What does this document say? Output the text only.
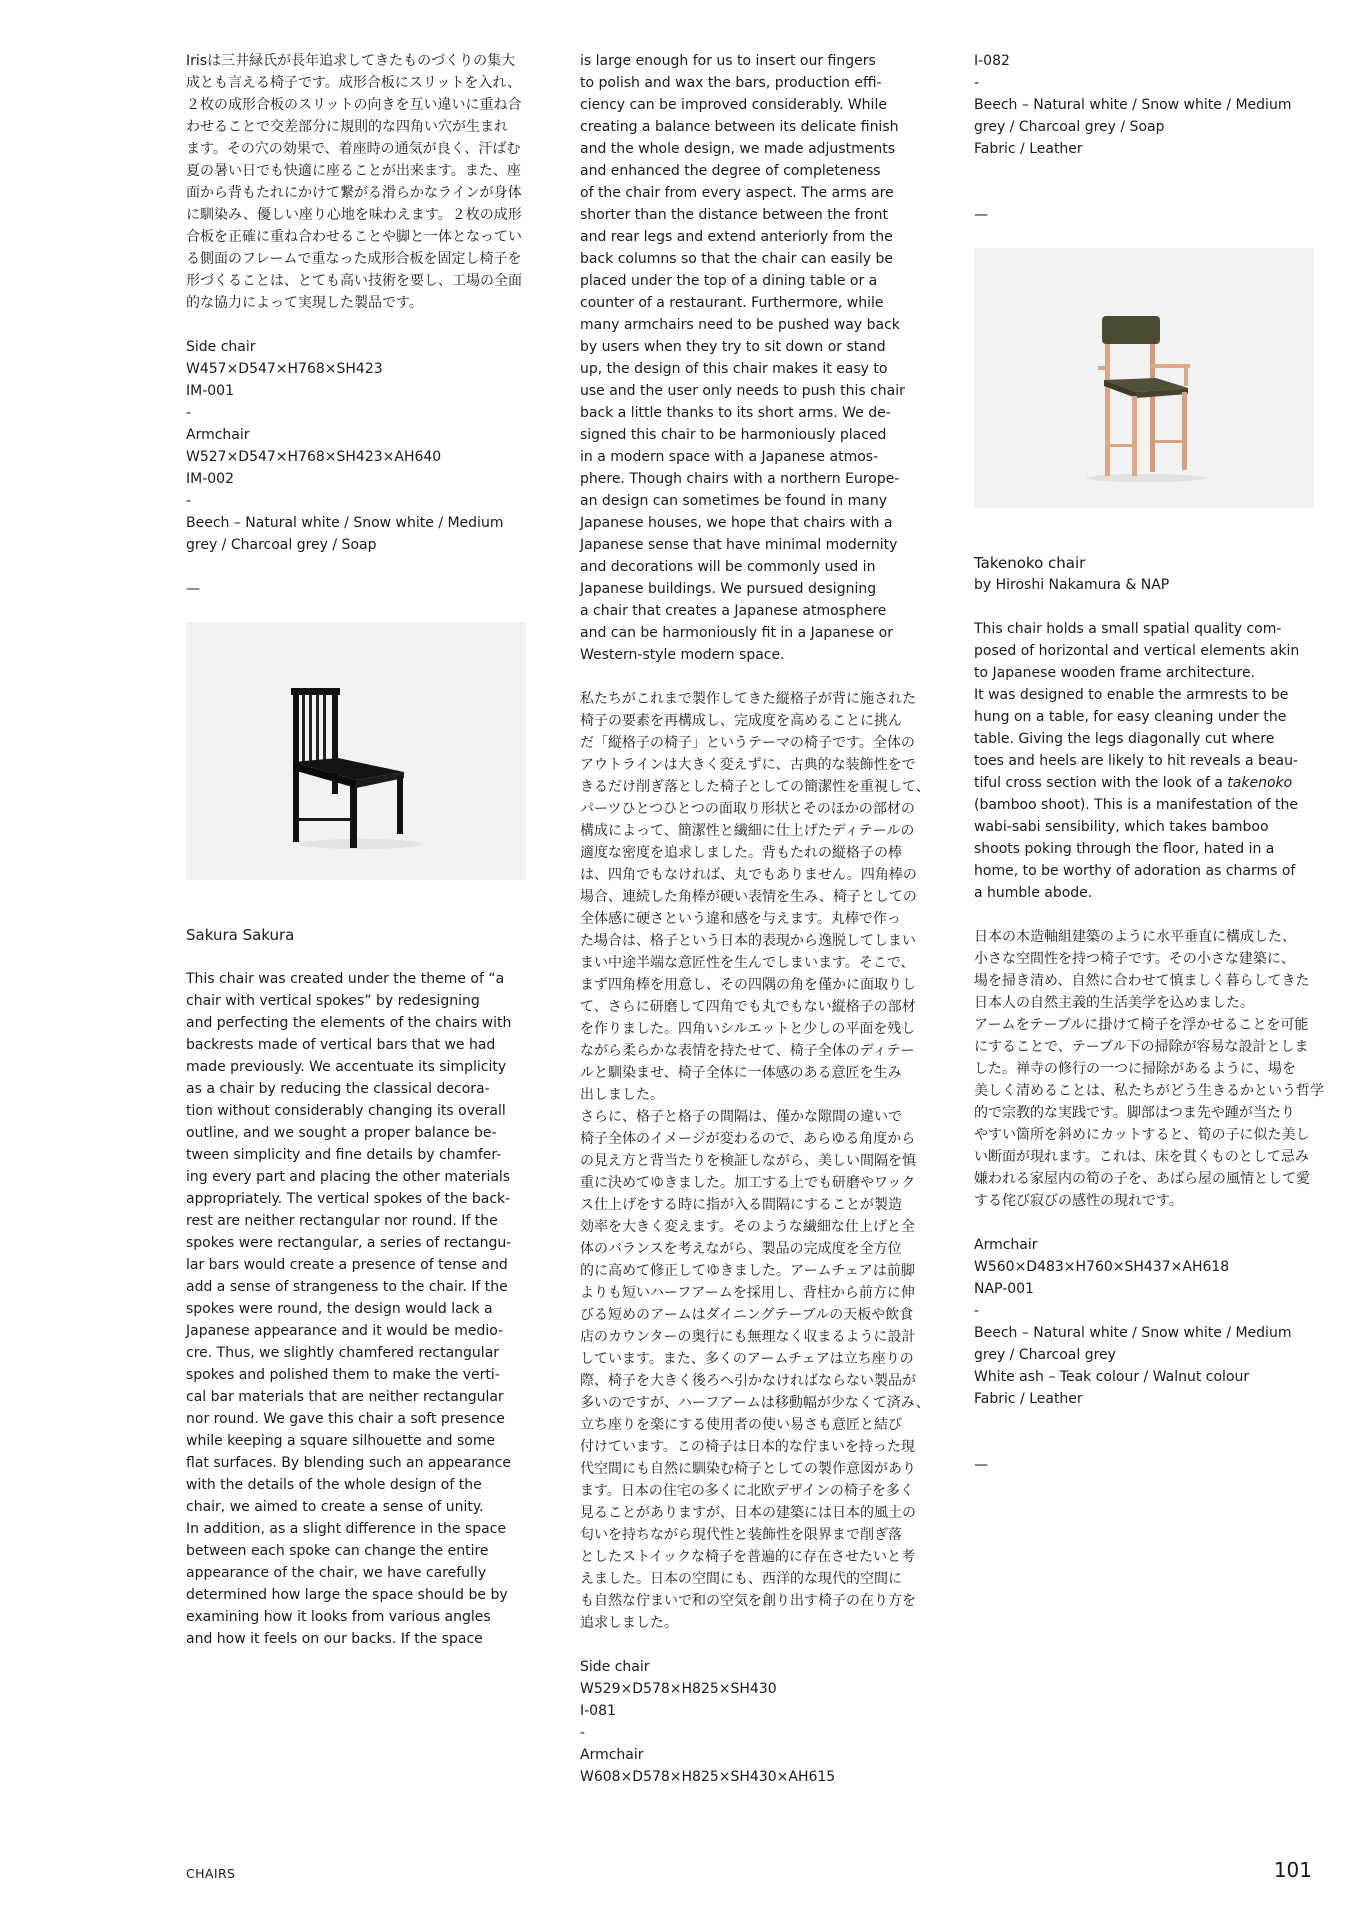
Irisは三井緑氏が長年追求してきたものづくりの集大
成とも言える椅子です。成形合板にスリットを入れ、
２枚の成形合板のスリットの向きを互い違いに重ね合
わせることで交差部分に規則的な四角い穴が生まれ
ます。その穴の効果で、着座時の通気が良く、汗ばむ
夏の暑い日でも快適に座ることが出来ます。また、座
面から背もたれにかけて繋がる滑らかなラインが身体
に馴染み、優しい座り心地を味わえます。２枚の成形
合板を正確に重ね合わせることや脚と一体となってい
る側面のフレームで重なった成形合板を固定し椅子を
形づくることは、とても高い技術を要し、工場の全面
的な協力によって実現した製品です。
Side chair
W457×D547×H768×SH423
IM-001
-
Armchair
W527×D547×H768×SH423×AH640
IM-002
-
Beech – Natural white / Snow white / Medium
grey / Charcoal grey / Soap
—

Sakura Sakura

This chair was created under the theme of “a
chair with vertical spokes” by redesigning
and perfecting the elements of the chairs with
backrests made of vertical bars that we had
made previously. We accentuate its simplicity
as a chair by reducing the classical decora-
tion without considerably changing its overall
outline, and we sought a proper balance be-
tween simplicity and fine details by chamfer-
ing every part and placing the other materials
appropriately. The vertical spokes of the back-
rest are neither rectangular nor round. If the
spokes were rectangular, a series of rectangu-
lar bars would create a presence of tense and
add a sense of strangeness to the chair. If the
spokes were round, the design would lack a
Japanese appearance and it would be medio-
cre. Thus, we slightly chamfered rectangular
spokes and polished them to make the verti-
cal bar materials that are neither rectangular
nor round. We gave this chair a soft presence
while keeping a square silhouette and some
flat surfaces. By blending such an appearance
with the details of the whole design of the
chair, we aimed to create a sense of unity.
In addition, as a slight difference in the space
between each spoke can change the entire
appearance of the chair, we have carefully
determined how large the space should be by
examining how it looks from various angles
and how it feels on our backs. If the space
is large enough for us to insert our fingers
to polish and wax the bars, production effi-
ciency can be improved considerably. While
creating a balance between its delicate finish
and the whole design, we made adjustments
and enhanced the degree of completeness
of the chair from every aspect. The arms are
shorter than the distance between the front
and rear legs and extend anteriorly from the
back columns so that the chair can easily be
placed under the top of a dining table or a
counter of a restaurant. Furthermore, while
many armchairs need to be pushed way back
by users when they try to sit down or stand
up, the design of this chair makes it easy to
use and the user only needs to push this chair
back a little thanks to its short arms. We de-
signed this chair to be harmoniously placed
in a modern space with a Japanese atmos-
phere. Though chairs with a northern Europe-
an design can sometimes be found in many
Japanese houses, we hope that chairs with a
Japanese sense that have minimal modernity
and decorations will be commonly used in
Japanese buildings. We pursued designing
a chair that creates a Japanese atmosphere
and can be harmoniously fit in a Japanese or
Western-style modern space.
私たちがこれまで製作してきた縦格子が背に施された
椅子の要素を再構成し、完成度を高めることに挑ん
だ「縦格子の椅子」というテーマの椅子です。全体の
アウトラインは大きく変えずに、古典的な装飾性をで
きるだけ削ぎ落とした椅子としての簡潔性を重視して、
パーツひとつひとつの面取り形状とそのほかの部材の
構成によって、簡潔性と繊細に仕上げたディテールの
適度な密度を追求しました。背もたれの縦格子の棒
は、四角でもなければ、丸でもありません。四角棒の
場合、連続した角棒が硬い表情を生み、椅子としての
全体感に硬さという違和感を与えます。丸棒で作っ
た場合は、格子という日本的表現から逸脱してしまい
まい中途半端な意匠性を生んでしまいます。そこで、
まず四角棒を用意し、その四隅の角を僅かに面取りし
て、さらに研磨して四角でも丸でもない縦格子の部材
を作りました。四角いシルエットと少しの平面を残し
ながら柔らかな表情を持たせて、椅子全体のディテー
ルと馴染ませ、椅子全体に一体感のある意匠を生み
出しました。
さらに、格子と格子の間隔は、僅かな隙間の違いで
椅子全体のイメージが変わるので、あらゆる角度から
の見え方と背当たりを検証しながら、美しい間隔を慎
重に決めてゆきました。加工する上でも研磨やワック
ス仕上げをする時に指が入る間隔にすることが製造
効率を大きく変えます。そのような繊細な仕上げと全
体のバランスを考えながら、製品の完成度を全方位
的に高めて修正してゆきました。アームチェアは前脚
よりも短いハーフアームを採用し、背柱から前方に伸
びる短めのアームはダイニングテーブルの天板や飲食
店のカウンターの奥行にも無理なく収まるように設計
しています。また、多くのアームチェアは立ち座りの
際、椅子を大きく後ろへ引かなければならない製品が
多いのですが、ハーフアームは移動幅が少なくて済み、
立ち座りを楽にする使用者の使い易さも意匠と結び
付けています。この椅子は日本的な佇まいを持った現
代空間にも自然に馴染む椅子としての製作意図があり
ます。日本の住宅の多くに北欧デザインの椅子を多く
見ることがありますが、日本の建築には日本的風土の
匂いを持ちながら現代性と装飾性を限界まで削ぎ落
としたストイックな椅子を普遍的に存在させたいと考
えました。日本の空間にも、西洋的な現代的空間に
も自然な佇まいで和の空気を創り出す椅子の在り方を
追求しました。
Side chair
W529×D578×H825×SH430
I-081
-
Armchair
W608×D578×H825×SH430×AH615
I-082
-
Beech – Natural white / Snow white / Medium
grey / Charcoal grey / Soap
Fabric / Leather
—

Takenoko chair

by Hiroshi Nakamura & NAP

This chair holds a small spatial quality com-
posed of horizontal and vertical elements akin
to Japanese wooden frame architecture.
It was designed to enable the armrests to be
hung on a table, for easy cleaning under the
table. Giving the legs diagonally cut where
toes and heels are likely to hit reveals a beau-
tiful cross section with the look of a takenoko
(bamboo shoot). This is a manifestation of the
wabi-sabi sensibility, which takes bamboo
shoots poking through the floor, hated in a
home, to be worthy of adoration as charms of
a humble abode.
日本の木造軸組建築のように水平垂直に構成した、
小さな空間性を持つ椅子です。その小さな建築に、
場を掃き清め、自然に合わせて慎ましく暮らしてきた
日本人の自然主義的生活美学を込めました。
アームをテーブルに掛けて椅子を浮かせることを可能
にすることで、テーブル下の掃除が容易な設計としま
した。禅寺の修行の一つに掃除があるように、場を
美しく清めることは、私たちがどう生きるかという哲学
的で宗教的な実践です。脚部はつま先や踵が当たり
やすい箇所を斜めにカットすると、筍の子に似た美し
い断面が現れます。これは、床を貫くものとして忌み
嫌われる家屋内の筍の子を、あばら屋の風情として愛
する侘び寂びの感性の現れです。
Armchair
W560×D483×H760×SH437×AH618
NAP-001
-
Beech – Natural white / Snow white / Medium
grey / Charcoal grey
White ash – Teak colour / Walnut colour
Fabric / Leather
—
CHAIRS	101
